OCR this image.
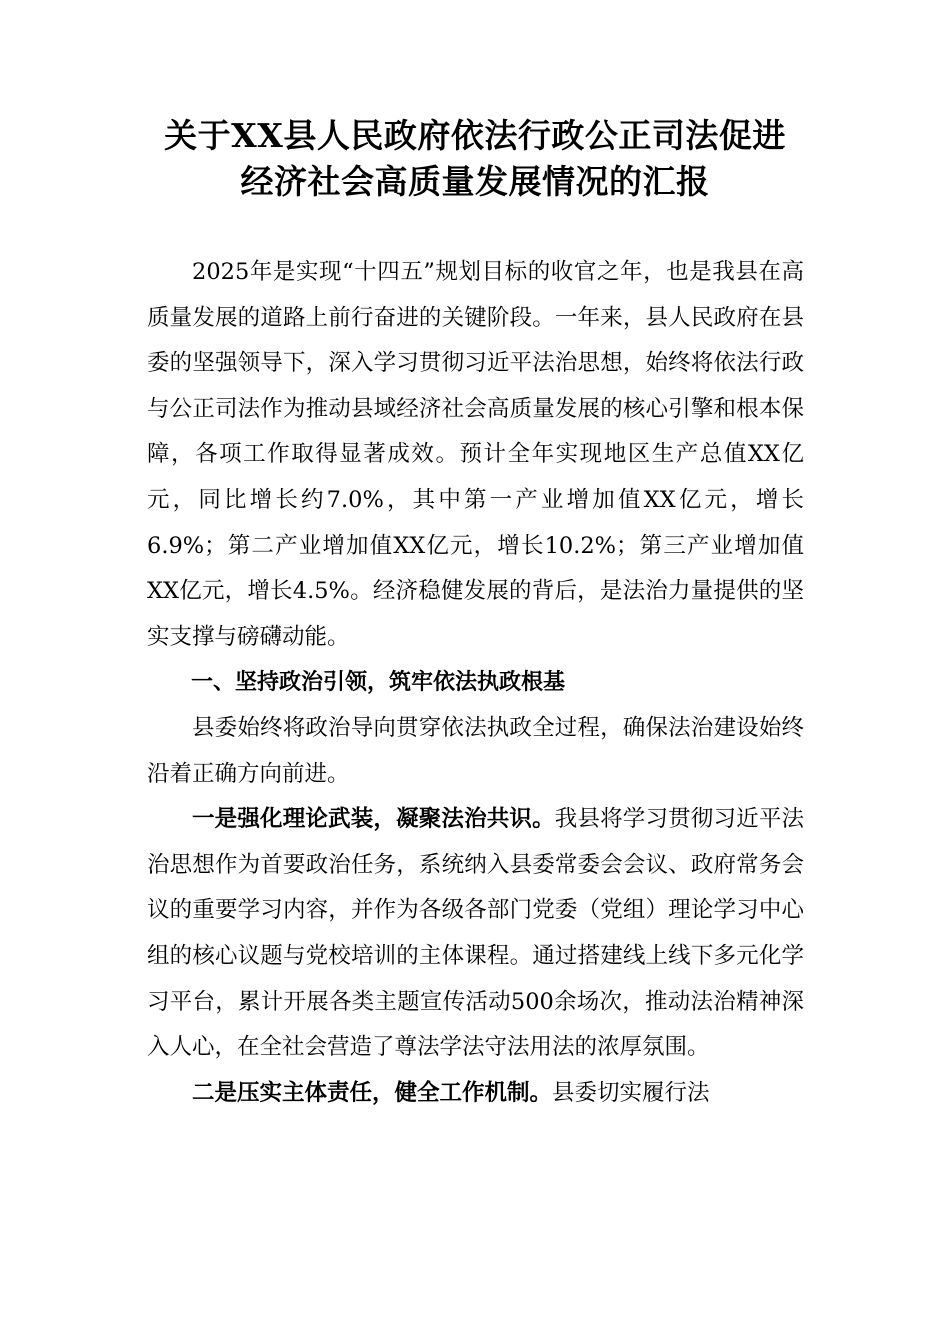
关于XX县人民政府依法行政公正司法促进
经济社会高质量发展情况的汇报

2025年是实现“十四五”规划目标的收官之年，也是我县在高质量发展的道路上前行奋进的关键阶段。一年来，县人民政府在县委的坚强领导下，深入学习贯彻习近平法治思想，始终将依法行政与公正司法作为推动县域经济社会高质量发展的核心引擎和根本保障，各项工作取得显著成效。预计全年实现地区生产总值XX亿元，同比增长约7.0%，其中第一产业增加值XX亿元，增长6.9%；第二产业增加值XX亿元，增长10.2%；第三产业增加值XX亿元，增长4.5%。经济稳健发展的背后，是法治力量提供的坚实支撑与磅礴动能。

一、坚持政治引领，筑牢依法执政根基

县委始终将政治导向贯穿依法执政全过程，确保法治建设始终沿着正确方向前进。

一是强化理论武装，凝聚法治共识。我县将学习贯彻习近平法治思想作为首要政治任务，系统纳入县委常委会会议、政府常务会议的重要学习内容，并作为各级各部门党委（党组）理论学习中心组的核心议题与党校培训的主体课程。通过搭建线上线下多元化学习平台，累计开展各类主题宣传活动500余场次，推动法治精神深入人心，在全社会营造了尊法学法守法用法的浓厚氛围。

二是压实主体责任，健全工作机制。县委切实履行法
